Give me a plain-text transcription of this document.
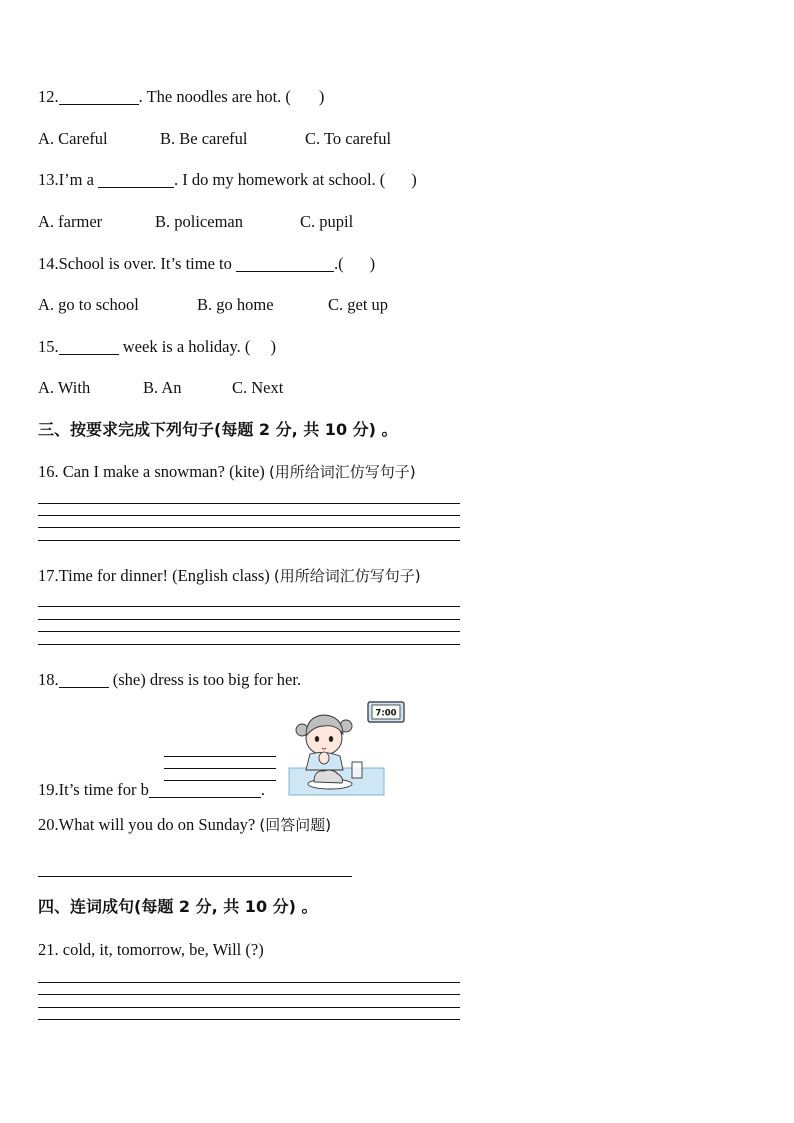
12.	. The noodles are hot. ( )
A. Careful	B. Be careful	C. To careful
13.I’m a	. I do my homework at school. ( )
A. farmer	B. policeman	C. pupil
14.School is over. It’s time to	.( )
A. go to school	B. go home	C. get up
15.	week is a holiday. ( )
A. With	B. An	C. Next
三、按要求完成下列句子(每题 2 分, 共 10 分) 。
16. Can I make a snowman? (kite) (用所给词汇仿写句子)
17.Time for dinner! (English class) (用所给词汇仿写句子)
18.	(she) dress is too big for her.
19.It’s time for b	.
7:00
20.What will you do on Sunday? (回答问题)
四、连词成句(每题 2 分, 共 10 分) 。
21. cold, it, tomorrow, be, Will (?)
